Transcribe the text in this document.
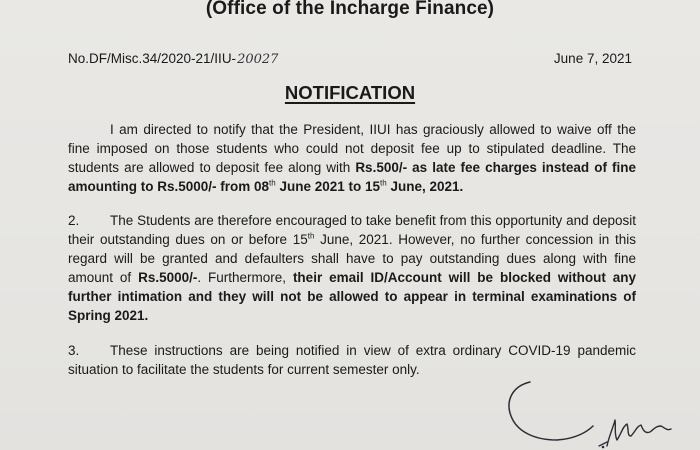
(Office of the Incharge Finance)
No.DF/Misc.34/2020-21/IIU-20027	June 7, 2021
NOTIFICATION
I am directed to notify that the President, IIUI has graciously allowed to waive off the fine imposed on those students who could not deposit fee up to stipulated deadline. The students are allowed to deposit fee along with Rs.500/- as late fee charges instead of fine amounting to Rs.5000/- from 08th June 2021 to 15th June, 2021.
2. The Students are therefore encouraged to take benefit from this opportunity and deposit their outstanding dues on or before 15th June, 2021. However, no further concession in this regard will be granted and defaulters shall have to pay outstanding dues along with fine amount of Rs.5000/-. Furthermore, their email ID/Account will be blocked without any further intimation and they will not be allowed to appear in terminal examinations of Spring 2021.
3. These instructions are being notified in view of extra ordinary COVID-19 pandemic situation to facilitate the students for current semester only.
